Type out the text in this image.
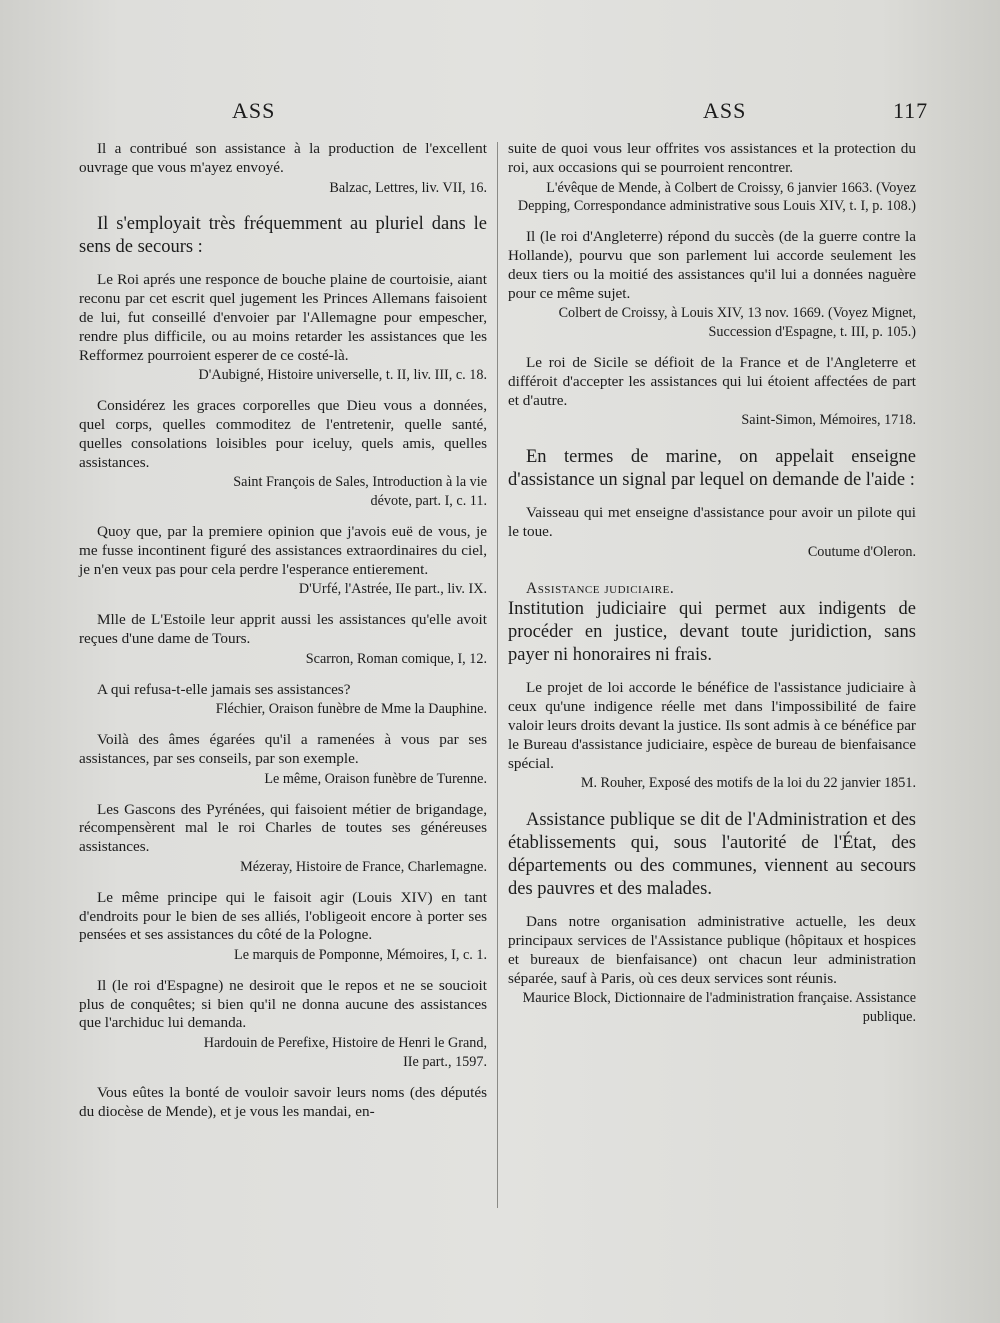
ASS	ASS	117

Il a contribué son assistance à la production de l'excellent ouvrage que vous m'ayez envoyé.

Balzac, Lettres, liv. VII, 16.

Il s'employait très fréquemment au pluriel dans le sens de secours :

Le Roi aprés une responce de bouche plaine de courtoisie, aiant reconu par cet escrit quel jugement les Princes Allemans faisoient de lui, fut conseillé d'envoier par l'Allemagne pour empescher, rendre plus difficile, ou au moins retarder les assistances que les Refformez pourroient esperer de ce costé-là.

D'Aubigné, Histoire universelle, t. II, liv. III, c. 18.

Considérez les graces corporelles que Dieu vous a données, quel corps, quelles commoditez de l'entretenir, quelle santé, quelles consolations loisibles pour iceluy, quels amis, quelles assistances.

Saint François de Sales, Introduction à la vie

dévote, part. I, c. 11.

Quoy que, par la premiere opinion que j'avois euë de vous, je me fusse incontinent figuré des assistances extraordinaires du ciel, je n'en veux pas pour cela perdre l'esperance entierement.

D'Urfé, l'Astrée, IIe part., liv. IX.

Mlle de L'Estoile leur apprit aussi les assistances qu'elle avoit reçues d'une dame de Tours.

Scarron, Roman comique, I, 12.

A qui refusa-t-elle jamais ses assistances?

Fléchier, Oraison funèbre de Mme la Dauphine.

Voilà des âmes égarées qu'il a ramenées à vous par ses assistances, par ses conseils, par son exemple.

Le même, Oraison funèbre de Turenne.

Les Gascons des Pyrénées, qui faisoient métier de brigandage, récompensèrent mal le roi Charles de toutes ses généreuses assistances.

Mézeray, Histoire de France, Charlemagne.

Le même principe qui le faisoit agir (Louis XIV) en tant d'endroits pour le bien de ses alliés, l'obligeoit encore à porter ses pensées et ses assistances du côté de la Pologne.

Le marquis de Pomponne, Mémoires, I, c. 1.

Il (le roi d'Espagne) ne desiroit que le repos et ne se soucioit plus de conquêtes; si bien qu'il ne donna aucune des assistances que l'archiduc lui demanda.

Hardouin de Perefixe, Histoire de Henri le Grand,

IIe part., 1597.

Vous eûtes la bonté de vouloir savoir leurs noms (des députés du diocèse de Mende), et je vous les mandai, en-

suite de quoi vous leur offrites vos assistances et la protection du roi, aux occasions qui se pourroient rencontrer.

L'évêque de Mende, à Colbert de Croissy, 6 janvier 1663. (Voyez Depping, Correspondance administrative sous Louis XIV, t. I, p. 108.)

Il (le roi d'Angleterre) répond du succès (de la guerre contre la Hollande), pourvu que son parlement lui accorde seulement les deux tiers ou la moitié des assistances qu'il lui a données naguère pour ce même sujet.

Colbert de Croissy, à Louis XIV, 13 nov. 1669. (Voyez Mignet, Succession d'Espagne, t. III, p. 105.)

Le roi de Sicile se défioit de la France et de l'Angleterre et différoit d'accepter les assistances qui lui étoient affectées de part et d'autre.

Saint-Simon, Mémoires, 1718.

En termes de marine, on appelait enseigne d'assistance un signal par lequel on demande de l'aide :

Vaisseau qui met enseigne d'assistance pour avoir un pilote qui le toue.

Coutume d'Oleron.

Assistance judiciaire.

Institution judiciaire qui permet aux indigents de procéder en justice, devant toute juridiction, sans payer ni honoraires ni frais.

Le projet de loi accorde le bénéfice de l'assistance judiciaire à ceux qu'une indigence réelle met dans l'impossibilité de faire valoir leurs droits devant la justice. Ils sont admis à ce bénéfice par le Bureau d'assistance judiciaire, espèce de bureau de bienfaisance spécial.

M. Rouher, Exposé des motifs de la loi du 22 janvier 1851.

Assistance publique se dit de l'Administration et des établissements qui, sous l'autorité de l'État, des départements ou des communes, viennent au secours des pauvres et des malades.

Dans notre organisation administrative actuelle, les deux principaux services de l'Assistance publique (hôpitaux et hospices et bureaux de bienfaisance) ont chacun leur administration séparée, sauf à Paris, où ces deux services sont réunis.

Maurice Block, Dictionnaire de l'administration française. Assistance publique.
